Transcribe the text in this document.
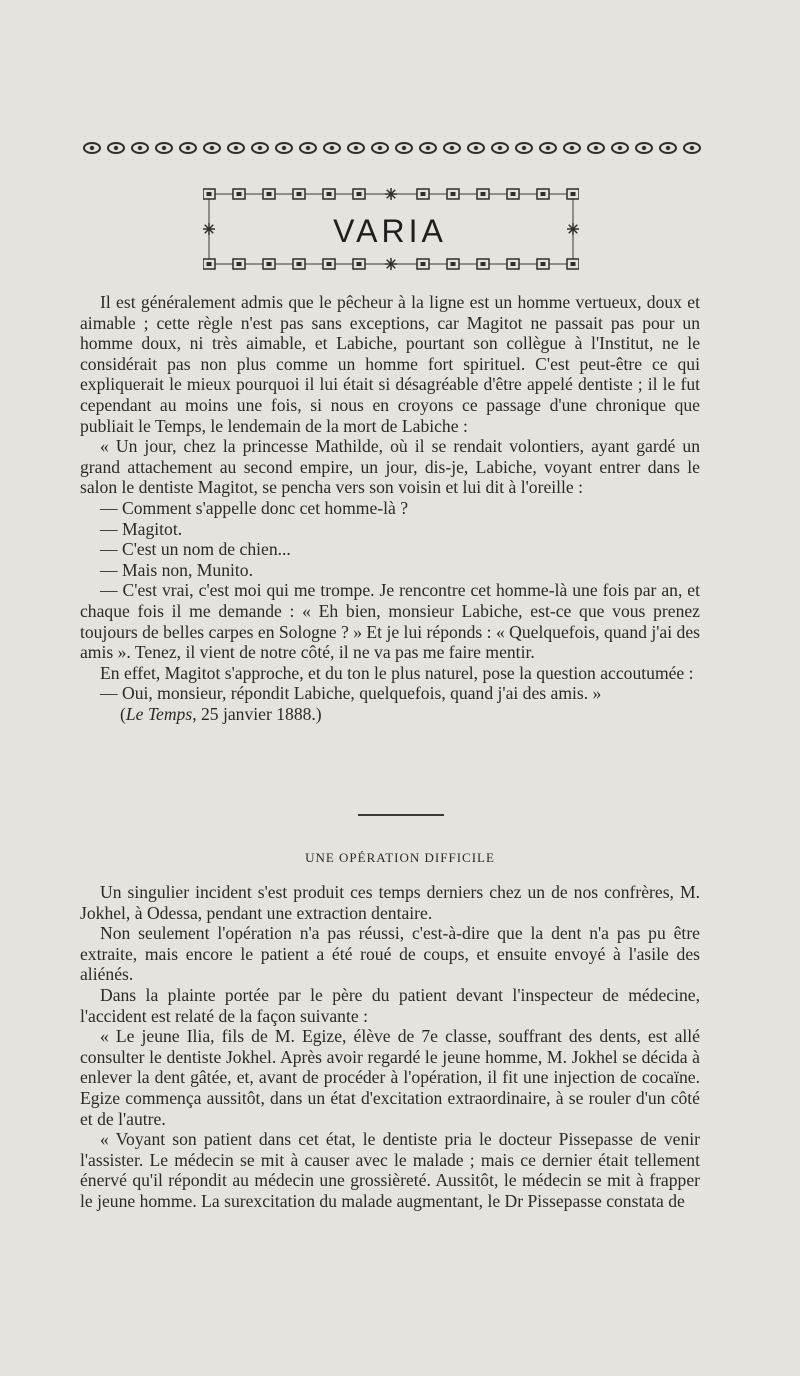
VARIA

Il est généralement admis que le pêcheur à la ligne est un homme vertueux, doux et aimable ; cette règle n'est pas sans exceptions, car Magitot ne passait pas pour un homme doux, ni très aimable, et Labiche, pourtant son collègue à l'Institut, ne le considérait pas non plus comme un homme fort spirituel. C'est peut-être ce qui expliquerait le mieux pourquoi il lui était si désagréable d'être appelé dentiste ; il le fut cependant au moins une fois, si nous en croyons ce passage d'une chronique que publiait le Temps, le lendemain de la mort de Labiche :

« Un jour, chez la princesse Mathilde, où il se rendait volontiers, ayant gardé un grand attachement au second empire, un jour, dis-je, Labiche, voyant entrer dans le salon le dentiste Magitot, se pencha vers son voisin et lui dit à l'oreille :

— Comment s'appelle donc cet homme-là ?

— Magitot.

— C'est un nom de chien...

— Mais non, Munito.

— C'est vrai, c'est moi qui me trompe. Je rencontre cet homme-là une fois par an, et chaque fois il me demande : « Eh bien, monsieur Labiche, est-ce que vous prenez toujours de belles carpes en Sologne ? » Et je lui réponds : « Quelquefois, quand j'ai des amis ». Tenez, il vient de notre côté, il ne va pas me faire mentir.

En effet, Magitot s'approche, et du ton le plus naturel, pose la question accoutumée :

— Oui, monsieur, répondit Labiche, quelquefois, quand j'ai des amis. »

(Le Temps, 25 janvier 1888.)

UNE OPÉRATION DIFFICILE

Un singulier incident s'est produit ces temps derniers chez un de nos confrères, M. Jokhel, à Odessa, pendant une extraction dentaire.

Non seulement l'opération n'a pas réussi, c'est-à-dire que la dent n'a pas pu être extraite, mais encore le patient a été roué de coups, et ensuite envoyé à l'asile des aliénés.

Dans la plainte portée par le père du patient devant l'inspecteur de médecine, l'accident est relaté de la façon suivante :

« Le jeune Ilia, fils de M. Egize, élève de 7e classe, souffrant des dents, est allé consulter le dentiste Jokhel. Après avoir regardé le jeune homme, M. Jokhel se décida à enlever la dent gâtée, et, avant de procéder à l'opération, il fit une injection de cocaïne. Egize commença aussitôt, dans un état d'excitation extraordinaire, à se rouler d'un côté et de l'autre.

« Voyant son patient dans cet état, le dentiste pria le docteur Pissepasse de venir l'assister. Le médecin se mit à causer avec le malade ; mais ce dernier était tellement énervé qu'il répondit au médecin une grossièreté. Aussitôt, le médecin se mit à frapper le jeune homme. La surexcitation du malade augmentant, le Dr Pissepasse constata de
